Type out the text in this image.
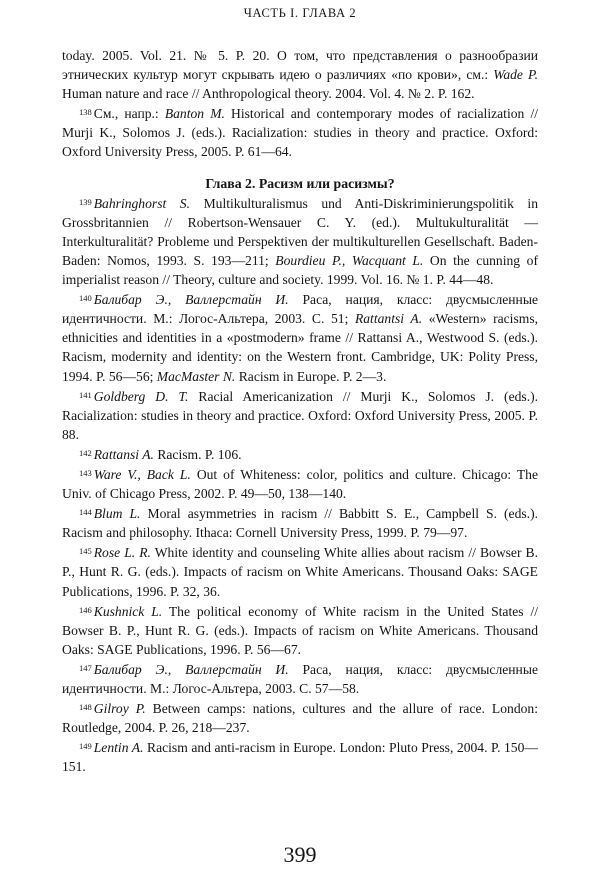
ЧАСТЬ I. ГЛАВА 2

today. 2005. Vol. 21. № 5. P. 20. О том, что представления о разнообразии этнических культур могут скрывать идею о различиях «по крови», см.: Wade P. Human nature and race // Anthropological theory. 2004. Vol. 4. № 2. P. 162.

$^{138}$ См., напр.: Banton M. Historical and contemporary modes of racialization // Murji K., Solomos J. (eds.). Racialization: studies in theory and practice. Oxford: Oxford University Press, 2005. P. 61—64.

Глава 2. Расизм или расизмы?

$^{139}$ Bahringhorst S. Multikulturalismus und Anti-Diskriminierungspolitik in Grossbritannien // Robertson-Wensauer C. Y. (ed.). Multukulturalität — Interkulturalität? Probleme und Perspektiven der multikulturellen Gesellschaft. Baden-Baden: Nomos, 1993. S. 193—211; Bourdieu P., Wacquant L. On the cunning of imperialist reason // Theory, culture and society. 1999. Vol. 16. № 1. P. 44—48.

$^{140}$ Балибар Э., Валлерстайн И. Раса, нация, класс: двусмысленные идентичности. М.: Логос-Альтера, 2003. С. 51; Rattantsi A. «Western» racisms, ethnicities and identities in a «postmodern» frame // Rattansi A., Westwood S. (eds.). Racism, modernity and identity: on the Western front. Cambridge, UK: Polity Press, 1994. P. 56—56; MacMaster N. Racism in Europe. P. 2—3.

$^{141}$ Goldberg D. T. Racial Americanization // Murji K., Solomos J. (eds.). Racialization: studies in theory and practice. Oxford: Oxford University Press, 2005. P. 88.

$^{142}$ Rattansi A. Racism. P. 106.

$^{143}$ Ware V., Back L. Out of Whiteness: color, politics and culture. Chicago: The Univ. of Chicago Press, 2002. P. 49—50, 138—140.

$^{144}$ Blum L. Moral asymmetries in racism // Babbitt S. E., Campbell S. (eds.). Racism and philosophy. Ithaca: Cornell University Press, 1999. P. 79—97.

$^{145}$ Rose L. R. White identity and counseling White allies about racism // Bowser B. P., Hunt R. G. (eds.). Impacts of racism on White Americans. Thousand Oaks: SAGE Publications, 1996. P. 32, 36.

$^{146}$ Kushnick L. The political economy of White racism in the United States // Bowser B. P., Hunt R. G. (eds.). Impacts of racism on White Americans. Thousand Oaks: SAGE Publications, 1996. P. 56—67.

$^{147}$ Балибар Э., Валлерстайн И. Раса, нация, класс: двусмысленные идентичности. М.: Логос-Альтера, 2003. С. 57—58.

$^{148}$ Gilroy P. Between camps: nations, cultures and the allure of race. London: Routledge, 2004. P. 26, 218—237.

$^{149}$ Lentin A. Racism and anti-racism in Europe. London: Pluto Press, 2004. P. 150—151.

399
